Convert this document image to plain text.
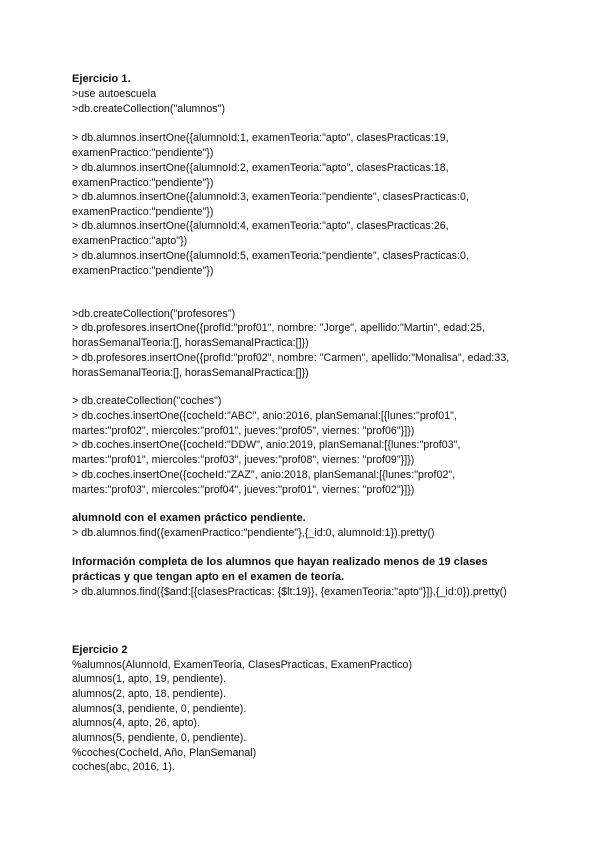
Ejercicio 1.
>use autoescuela
>db.createCollection("alumnos")
> db.alumnos.insertOne({alumnoId:1, examenTeoria:"apto", clasesPracticas:19,
examenPractico:"pendiente"})
> db.alumnos.insertOne({alumnoId:2, examenTeoria:"apto", clasesPracticas:18,
examenPractico:"pendiente"})
> db.alumnos.insertOne({alumnoId:3, examenTeoria:"pendiente", clasesPracticas:0,
examenPractico:"pendiente"})
> db.alumnos.insertOne({alumnoId:4, examenTeoria:"apto", clasesPracticas:26,
examenPractico:"apto"})
> db.alumnos.insertOne({alumnoId:5, examenTeoria:"pendiente", clasesPracticas:0,
examenPractico:"pendiente"})
>db.createCollection("profesores")
> db.profesores.insertOne({profId:"prof01", nombre: "Jorge", apellido:"Martin", edad:25,
horasSemanalTeoria:[], horasSemanalPractica:[]})
> db.profesores.insertOne({profId:"prof02", nombre: "Carmen", apellido:"Monalisa", edad:33,
horasSemanalTeoria:[], horasSemanalPractica:[]})
> db.createCollection("coches")
> db.coches.insertOne({cocheId:"ABC", anio:2016, planSemanal:[{lunes:"prof01",
martes:"prof02", miercoles:"prof01", jueves:"prof05", viernes: "prof06"}]})
> db.coches.insertOne({cocheId:"DDW", anio:2019, planSemanal:[{lunes:"prof03",
martes:"prof01", miercoles:"prof03", jueves:"prof08", viernes: "prof09"}]})
> db.coches.insertOne({cocheId:"ZAZ", anio:2018, planSemanal:[{lunes:"prof02",
martes:"prof03", miercoles:"prof04", jueves:"prof01", viernes: "prof02"}]})
alumnoId con el examen práctico pendiente.
> db.alumnos.find({examenPractico:"pendiente"},{_id:0, alumnoId:1}).pretty()
Información completa de los alumnos que hayan realizado menos de 19 clases
prácticas y que tengan apto en el examen de teoría.
> db.alumnos.find({$and:[{clasesPracticas: {$lt:19}}, {examenTeoria:"apto"}]},{_id:0}).pretty()
Ejercicio 2
%alumnos(AlunnoId, ExamenTeoria, ClasesPracticas, ExamenPractico)
alumnos(1, apto, 19, pendiente).
alumnos(2, apto, 18, pendiente).
alumnos(3, pendiente, 0, pendiente).
alumnos(4, apto, 26, apto).
alumnos(5, pendiente, 0, pendiente).
%coches(CocheId, Año, PlanSemanal)
coches(abc, 2016, 1).
